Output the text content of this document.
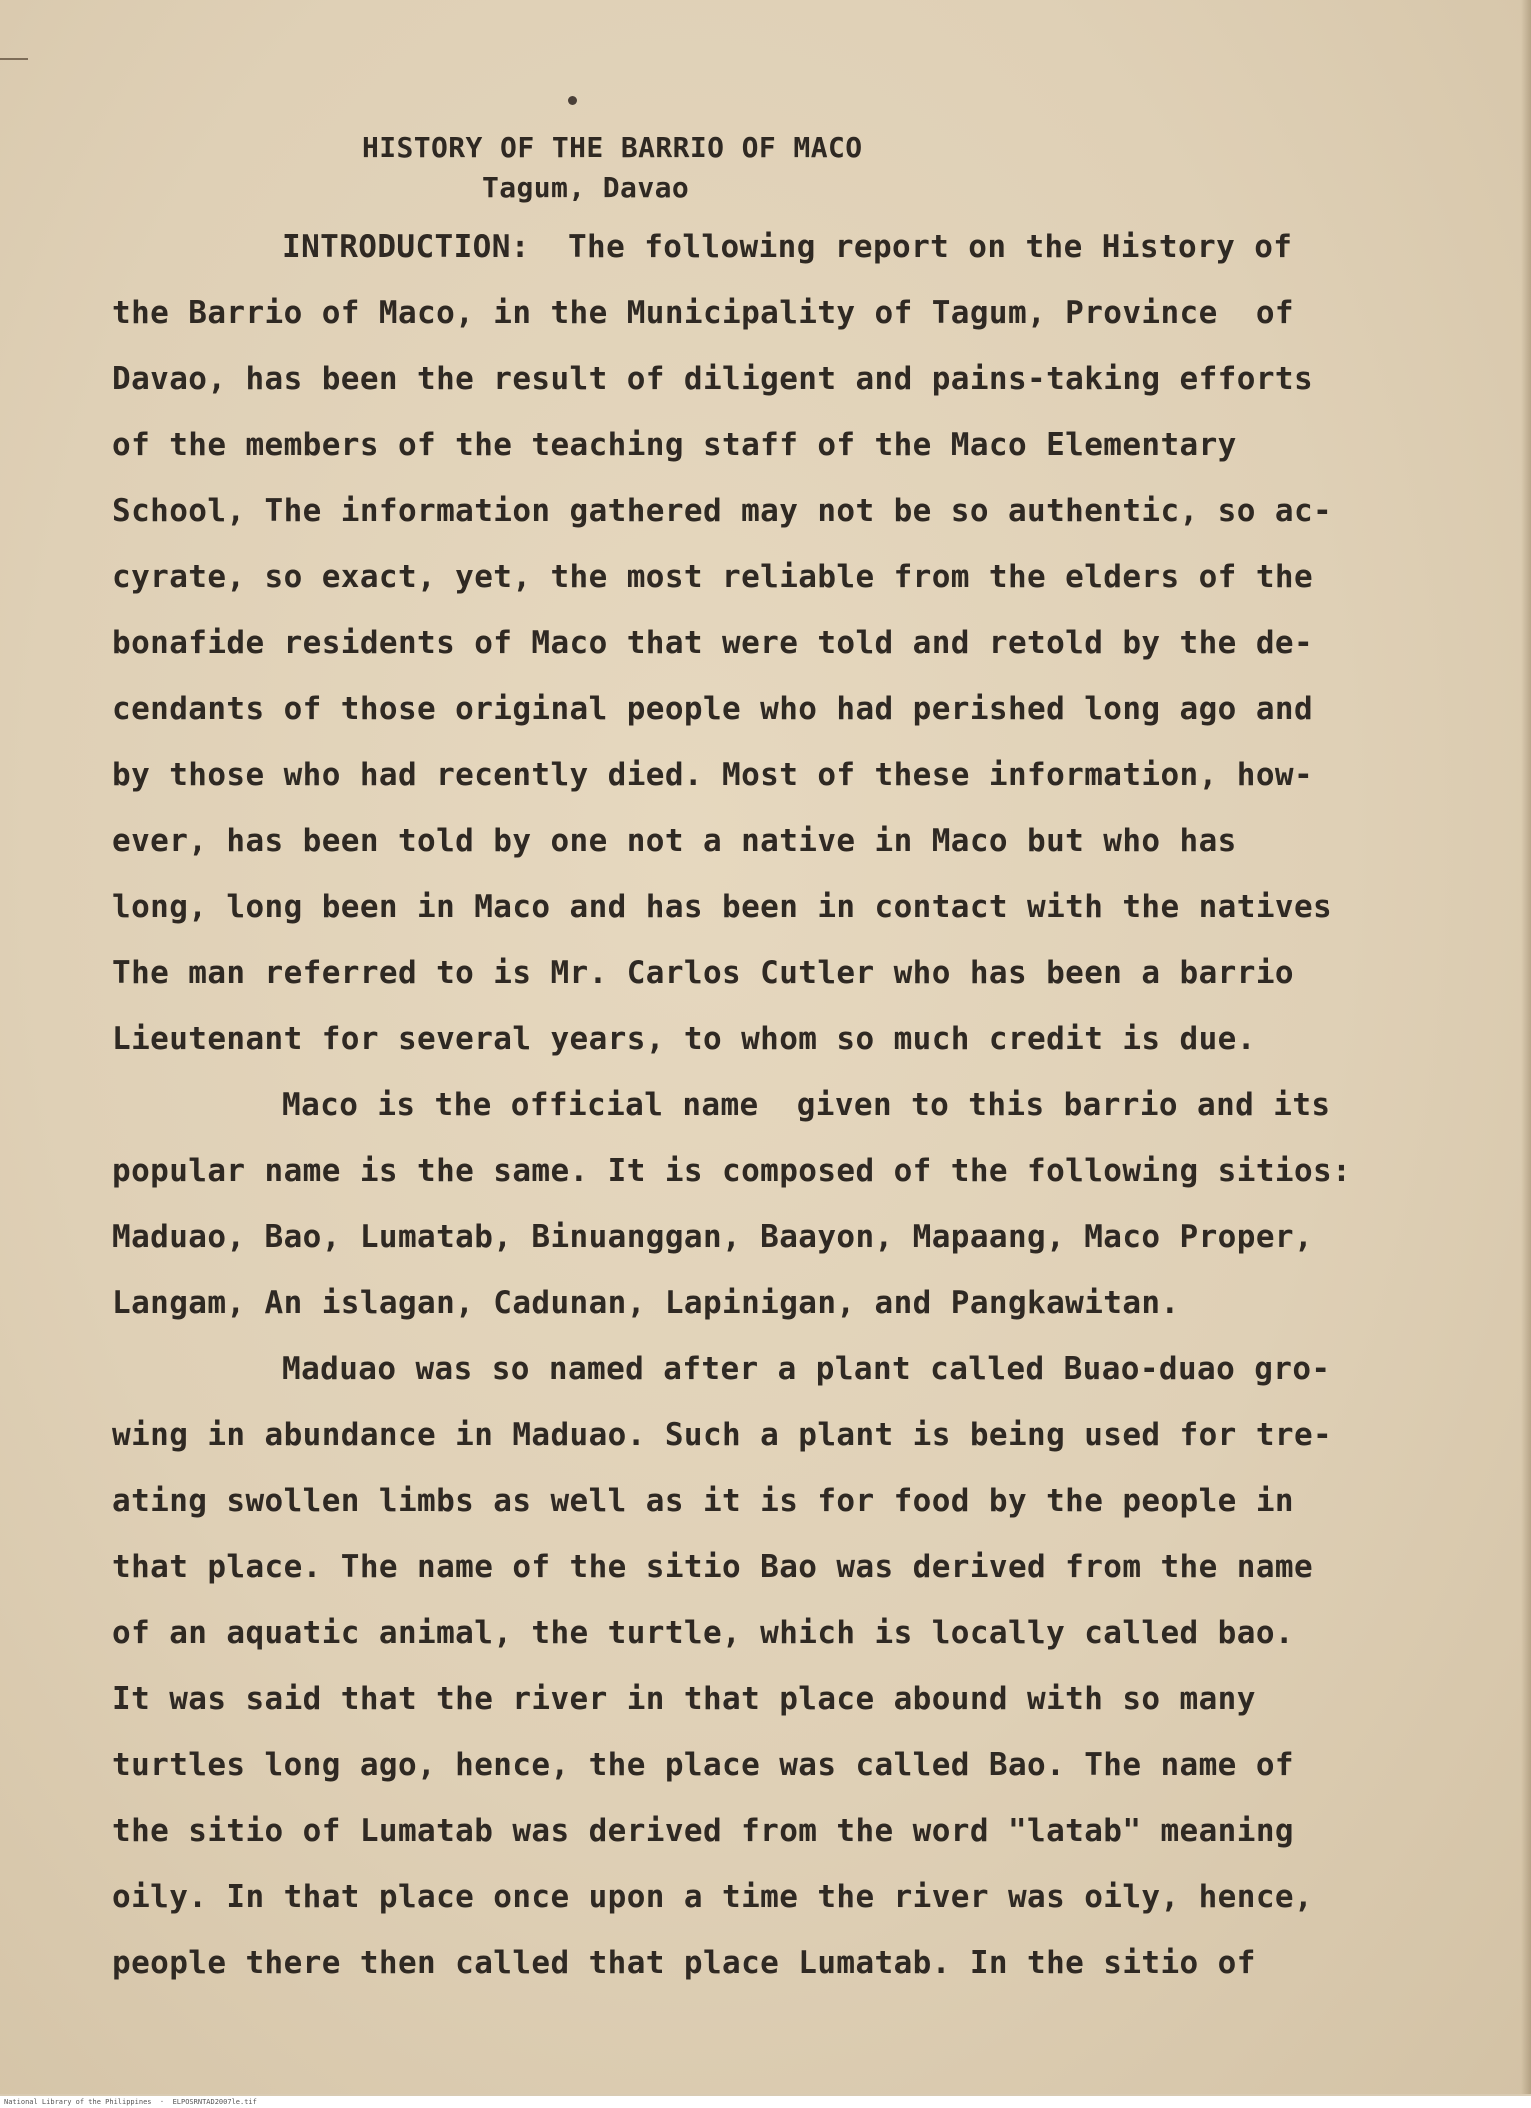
HISTORY OF THE BARRIO OF MACO
Tagum, Davao
INTRODUCTION:  The following report on the History of
the Barrio of Maco, in the Municipality of Tagum, Province  of
Davao, has been the result of diligent and pains-taking efforts
of the members of the teaching staff of the Maco Elementary
School, The information gathered may not be so authentic, so ac-
cyrate, so exact, yet, the most reliable from the elders of the
bonafide residents of Maco that were told and retold by the de-
cendants of those original people who had perished long ago and
by those who had recently died. Most of these information, how-
ever, has been told by one not a native in Maco but who has
long, long been in Maco and has been in contact with the natives
The man referred to is Mr. Carlos Cutler who has been a barrio
Lieutenant for several years, to whom so much credit is due.
Maco is the official name  given to this barrio and its
popular name is the same. It is composed of the following sitios:
Maduao, Bao, Lumatab, Binuanggan, Baayon, Mapaang, Maco Proper,
Langam, An islagan, Cadunan, Lapinigan, and Pangkawitan.
Maduao was so named after a plant called Buao-duao gro-
wing in abundance in Maduao. Such a plant is being used for tre-
ating swollen limbs as well as it is for food by the people in
that place. The name of the sitio Bao was derived from the name
of an aquatic animal, the turtle, which is locally called bao.
It was said that the river in that place abound with so many
turtles long ago, hence, the place was called Bao. The name of
the sitio of Lumatab was derived from the word "latab" meaning
oily. In that place once upon a time the river was oily, hence,
people there then called that place Lumatab. In the sitio of
National Library of the Philippines  ·  ELPOSRNTAD2007le.tif
